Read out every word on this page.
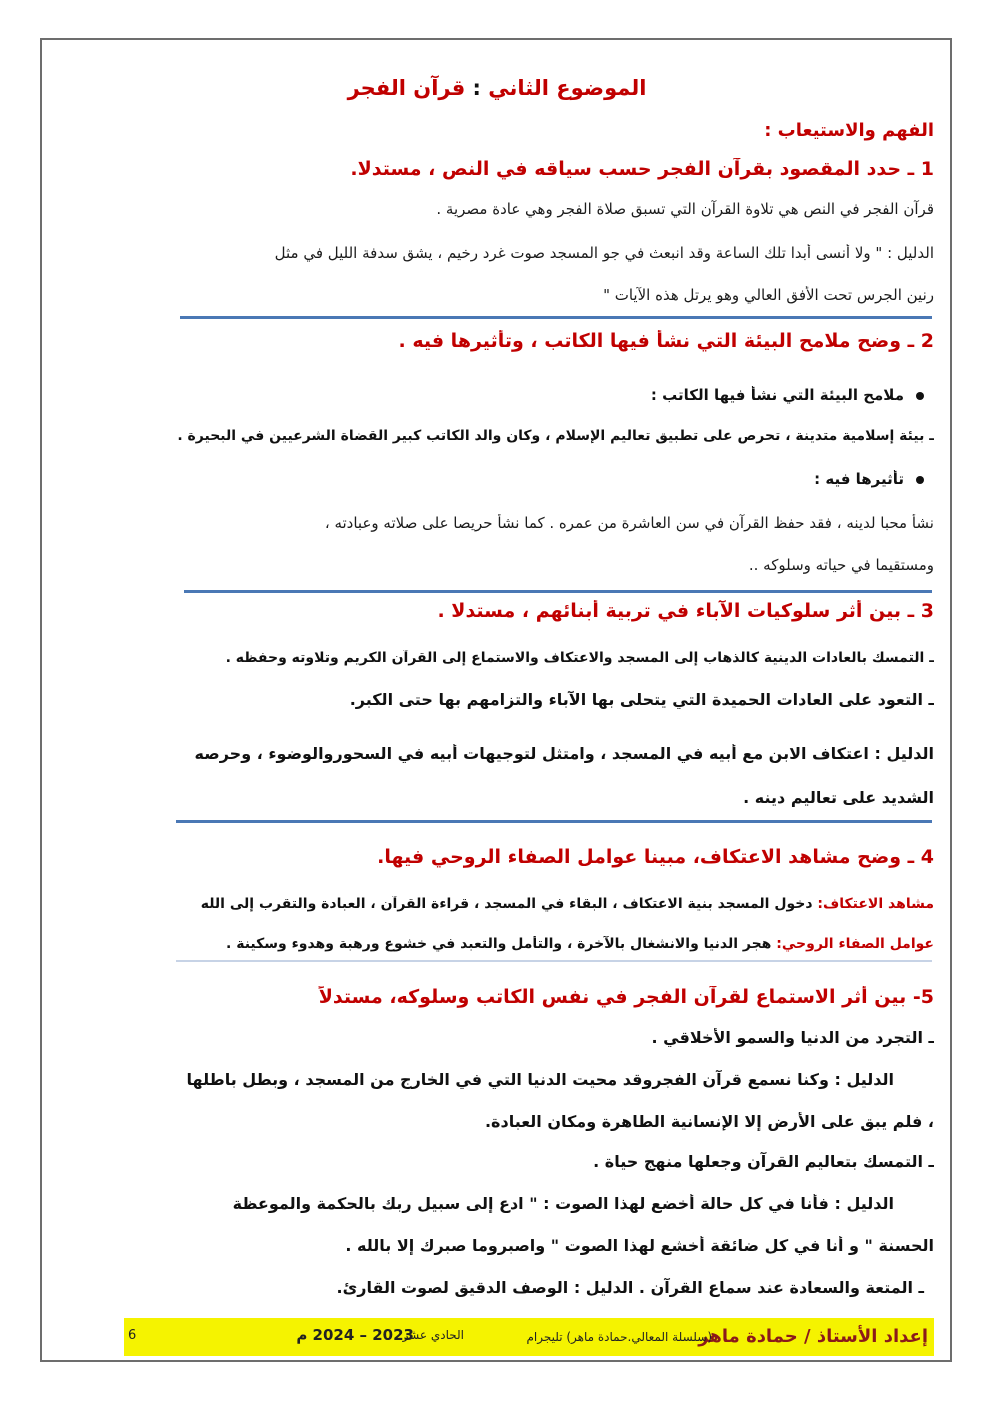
الموضوع الثاني : قرآن الفجر
الفهم والاستيعاب :
1 ـ حدد المقصود بقرآن الفجر حسب سياقه في النص ، مستدلا.
قرآن الفجر في النص هي تلاوة القرآن التي تسبق صلاة الفجر وهي عادة مصرية .
الدليل : " ولا أنسى أبدا تلك الساعة وقد انبعث في جو المسجد صوت غرد رخيم ، يشق سدفة الليل في مثل
رنين الجرس تحت الأفق العالي وهو يرتل هذه الآيات "
2 ـ وضح ملامح البيئة التي نشأ فيها الكاتب ، وتأثيرها فيه .
ملامح البيئة التي نشأ فيها الكاتب :
ـ بيئة إسلامية متدينة ، تحرص على تطبيق تعاليم الإسلام ، وكان والد الكاتب كبير القضاة الشرعيين في البحيرة .
تأثيرها فيه :
نشأ محبا لدينه ، فقد حفظ القرآن في سن العاشرة من عمره . كما نشأ حريصا على صلاته وعبادته ،
ومستقيما في حياته وسلوكه ..
3 ـ بين أثر سلوكيات الآباء في تربية أبنائهم ، مستدلا .
ـ التمسك بالعادات الدينية كالذهاب إلى المسجد والاعتكاف والاستماع إلى القرآن الكريم وتلاوته وحفظه .
ـ التعود على العادات الحميدة التي يتحلى بها الآباء والتزامهم بها حتى الكبر.
الدليل : اعتكاف الابن مع أبيه في المسجد ، وامتثل لتوجيهات أبيه في السحوروالوضوء ، وحرصه
الشديد على تعاليم دينه .
4 ـ وضح مشاهد الاعتكاف، مبينا عوامل الصفاء الروحي فيها.
مشاهد الاعتكاف: دخول المسجد بنية الاعتكاف ، البقاء في المسجد ، قراءة القرآن ، العبادة والتقرب إلى الله
عوامل الصفاء الروحي: هجر الدنيا والانشغال بالآخرة ، والتأمل والتعبد في خشوع ورهبة وهدوء وسكينة .
5- بين أثر الاستماع لقرآن الفجر في نفس الكاتب وسلوكه، مستدلاً
ـ التجرد من الدنيا والسمو الأخلاقي .
الدليل : وكنا نسمع قرآن الفجروقد محيت الدنيا التي في الخارج من المسجد ، وبطل باطلها
، فلم يبق على الأرض إلا الإنسانية الطاهرة ومكان العبادة.
ـ التمسك بتعاليم القرآن وجعلها منهج حياة .
الدليل : فأنا في كل حالة أخضع لهذا الصوت : " ادع إلى سبيل ربك بالحكمة والموعظة
الحسنة " و أنا في كل ضائقة أخشع لهذا الصوت " واصبروما صبرك إلا بالله .
ـ المتعة والسعادة عند سماع القرآن . الدليل : الوصف الدقيق لصوت القارئ.
إعداد الأستاذ / حمادة ماهر
(سلسلة المعالي.حمادة ماهر) تليجرام
الحادي عشر
2023 – 2024 م
6
